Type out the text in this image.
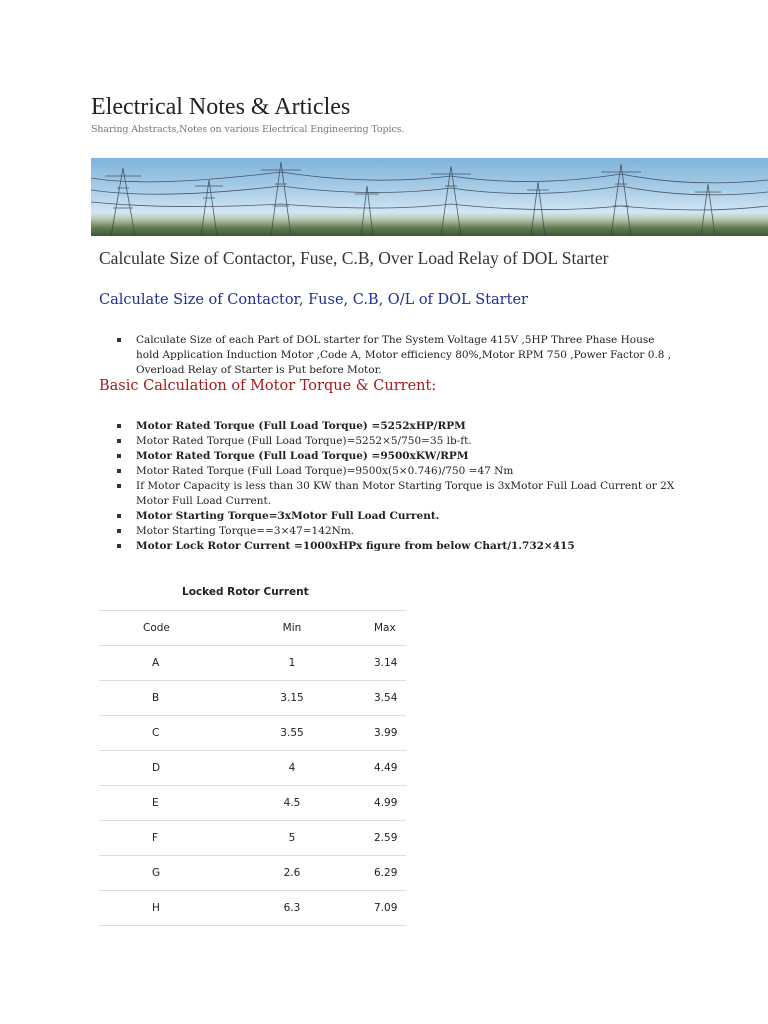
Electrical Notes & Articles
Sharing Abstracts,Notes on various Electrical Engineering Topics.
Calculate Size of Contactor, Fuse, C.B, Over Load Relay of DOL Starter
Calculate Size of Contactor, Fuse, C.B, O/L of DOL Starter
Calculate Size of each Part of DOL starter for The System Voltage 415V ,5HP Three Phase House hold Application Induction Motor ,Code A, Motor efficiency 80%,Motor RPM 750 ,Power Factor 0.8 , Overload Relay of Starter is Put before Motor.
Basic Calculation of Motor Torque & Current:
Motor Rated Torque (Full Load Torque) =5252xHP/RPM
Motor Rated Torque (Full Load Torque)=5252×5/750=35 lb-ft.
Motor Rated Torque (Full Load Torque) =9500xKW/RPM
Motor Rated Torque (Full Load Torque)=9500x(5×0.746)/750 =47 Nm
If Motor Capacity is less than 30 KW than Motor Starting Torque is 3xMotor Full Load Current or 2X Motor Full Load Current.
Motor Starting Torque=3xMotor Full Load Current.
Motor Starting Torque==3×47=142Nm.
Motor Lock Rotor Current =1000xHPx figure from below Chart/1.732×415
Locked Rotor Current
Code	Min	Max
A	1	3.14
B	3.15	3.54
C	3.55	3.99
D	4	4.49
E	4.5	4.99
F	5	2.59
G	2.6	6.29
H	6.3	7.09
